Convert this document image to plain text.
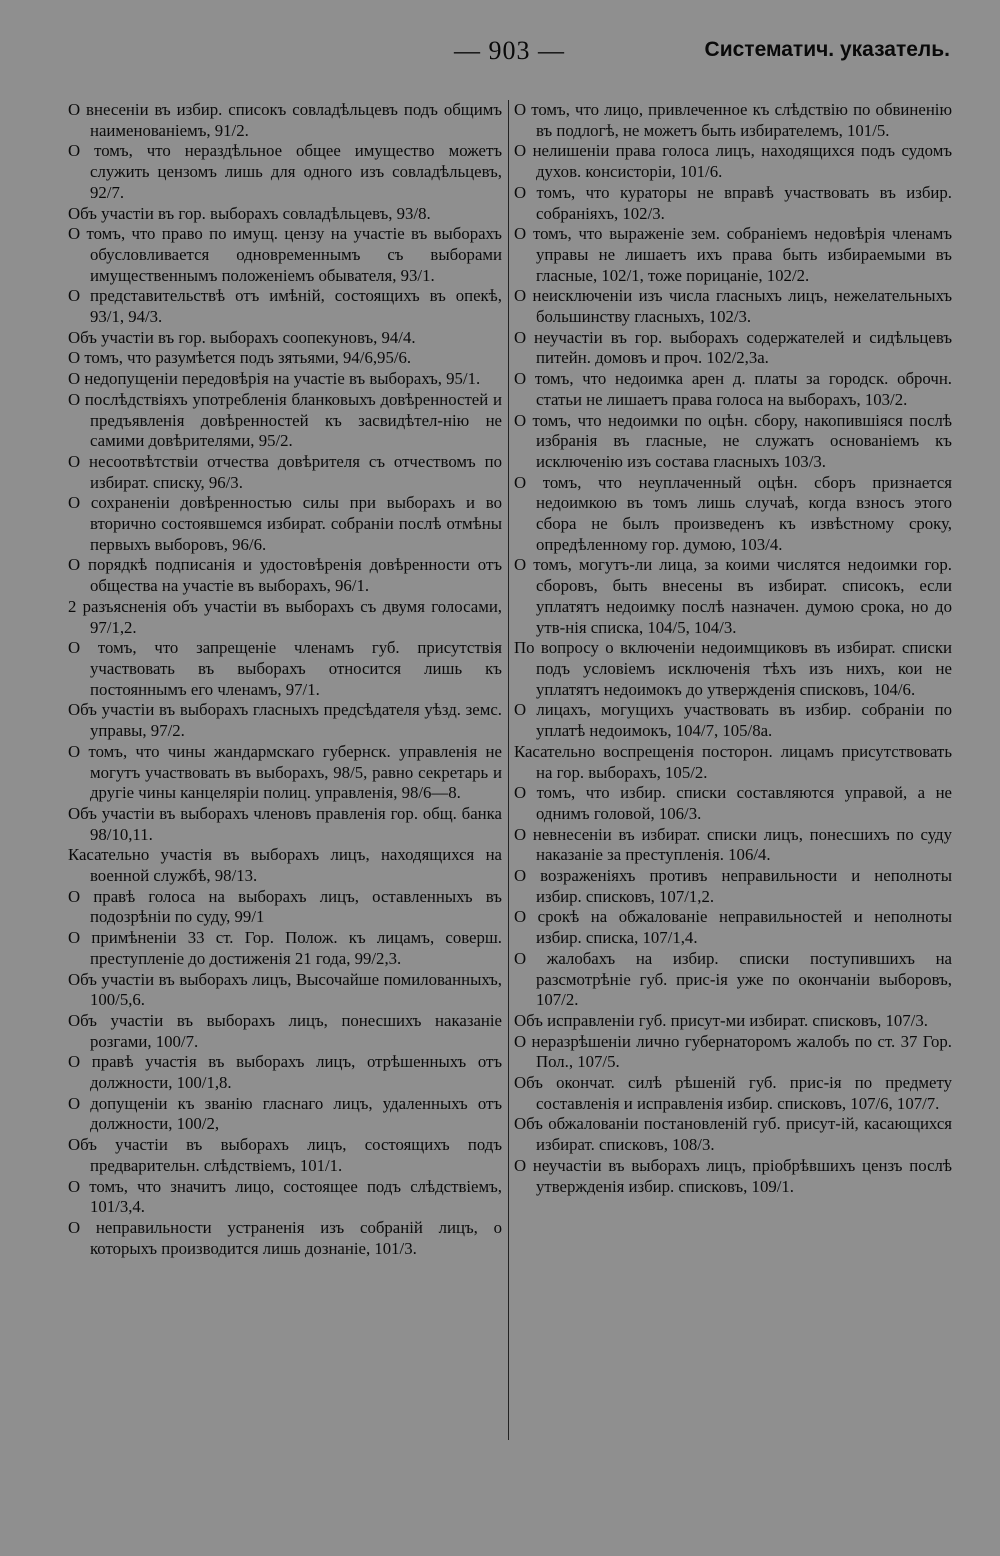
— 903 —	Систематич. указатель.

О внесеніи въ избир. списокъ совладѣльцевъ подъ общимъ наименованіемъ, 91/2.

О томъ, что нераздѣльное общее имущество можетъ служить цензомъ лишь для одного изъ совладѣльцевъ, 92/7.

Объ участіи въ гор. выборахъ совладѣльцевъ, 93/8.

О томъ, что право по имущ. цензу на участіе въ выборахъ обусловливается одновременнымъ съ выборами имущественнымъ положеніемъ обывателя, 93/1.

О представительствѣ отъ имѣній, состоящихъ въ опекѣ, 93/1, 94/3.

Объ участіи въ гор. выборахъ соопекуновъ, 94/4.

О томъ, что разумѣется подъ зятьями, 94/6,95/6.

О недопущеніи передовѣрія на участіе въ выборахъ, 95/1.

О послѣдствіяхъ употребленія бланковыхъ довѣренностей и предъявленія довѣренностей къ засвидѣтел-нію не самими довѣрителями, 95/2.

О несоотвѣтствіи отчества довѣрителя съ отчествомъ по избират. списку, 96/3.

О сохраненіи довѣренностью силы при выборахъ и во вторично состоявшемся избират. собраніи послѣ отмѣны первыхъ выборовъ, 96/6.

О порядкѣ подписанія и удостовѣренія довѣренности отъ общества на участіе въ выборахъ, 96/1.

2 разъясненія объ участіи въ выборахъ съ двумя голосами, 97/1,2.

О томъ, что запрещеніе членамъ губ. присутствія участвовать въ выборахъ относится лишь къ постояннымъ его членамъ, 97/1.

Объ участіи въ выборахъ гласныхъ предсѣдателя уѣзд. земс. управы, 97/2.

О томъ, что чины жандармскаго губернск. управленія не могутъ участвовать въ выборахъ, 98/5, равно секретарь и другіе чины канцеляріи полиц. управленія, 98/6—8.

Объ участіи въ выборахъ членовъ правленія гор. общ. банка 98/10,11.

Касательно участія въ выборахъ лицъ, находящихся на военной службѣ, 98/13.

О правѣ голоса на выборахъ лицъ, оставленныхъ въ подозрѣніи по суду, 99/1

О примѣненіи 33 ст. Гор. Полож. къ лицамъ, соверш. преступленіе до достиженія 21 года, 99/2,3.

Объ участіи въ выборахъ лицъ, Высочайше помилованныхъ, 100/5,6.

Объ участіи въ выборахъ лицъ, понесшихъ наказаніе розгами, 100/7.

О правѣ участія въ выборахъ лицъ, отрѣшенныхъ отъ должности, 100/1,8.

О допущеніи къ званію гласнаго лицъ, удаленныхъ отъ должности, 100/2,

Объ участіи въ выборахъ лицъ, состоящихъ подъ предварительн. слѣдствіемъ, 101/1.

О томъ, что значитъ лицо, состоящее подъ слѣдствіемъ, 101/3,4.

О неправильности устраненія изъ собраній лицъ, о которыхъ производится лишь дознаніе, 101/3.

О томъ, что лицо, привлеченное къ слѣдствію по обвиненію въ подлогѣ, не можетъ быть избирателемъ, 101/5.

О нелишеніи права голоса лицъ, находящихся подъ судомъ духов. консисторіи, 101/6.

О томъ, что кураторы не вправѣ участвовать въ избир. собраніяхъ, 102/3.

О томъ, что выраженіе зем. собраніемъ недовѣрія членамъ управы не лишаетъ ихъ права быть избираемыми въ гласные, 102/1, тоже порицаніе, 102/2.

О неисключеніи изъ числа гласныхъ лицъ, нежелательныхъ большинству гласныхъ, 102/3.

О неучастіи въ гор. выборахъ содержателей и сидѣльцевъ питейн. домовъ и проч. 102/2,3а.

О томъ, что недоимка арен д. платы за городск. оброчн. статьи не лишаетъ права голоса на выборахъ, 103/2.

О томъ, что недоимки по оцѣн. сбору, накопившіяся послѣ избранія въ гласные, не служатъ основаніемъ къ исключенію изъ состава гласныхъ 103/3.

О томъ, что неуплаченный оцѣн. сборъ признается недоимкою въ томъ лишь случаѣ, когда взносъ этого сбора не былъ произведенъ къ извѣстному сроку, опредѣленному гор. думою, 103/4.

О томъ, могутъ-ли лица, за коими числятся недоимки гор. сборовъ, быть внесены въ избират. списокъ, если уплатятъ недоимку послѣ назначен. думою срока, но до утв-нія списка, 104/5, 104/3.

По вопросу о включеніи недоимщиковъ въ избират. списки подъ условіемъ исключенія тѣхъ изъ нихъ, кои не уплатятъ недоимокъ до утвержденія списковъ, 104/6.

О лицахъ, могущихъ участвовать въ избир. собраніи по уплатѣ недоимокъ, 104/7, 105/8а.

Касательно воспрещенія посторон. лицамъ присутствовать на гор. выборахъ, 105/2.

О томъ, что избир. списки составляются управой, а не однимъ головой, 106/3.

О невнесеніи въ избират. списки лицъ, понесшихъ по суду наказаніе за преступленія. 106/4.

О возраженіяхъ противъ неправильности и неполноты избир. списковъ, 107/1,2.

О срокѣ на обжалованіе неправильностей и неполноты избир. списка, 107/1,4.

О жалобахъ на избир. списки поступившихъ на разсмотрѣніе губ. прис-ія уже по окончаніи выборовъ, 107/2.

Объ исправленіи губ. присут-ми избират. списковъ, 107/3.

О неразрѣшеніи лично губернаторомъ жалобъ по ст. 37 Гор. Пол., 107/5.

Объ окончат. силѣ рѣшеній губ. прис-ія по предмету составленія и исправленія избир. списковъ, 107/6, 107/7.

Объ обжалованіи постановленій губ. присут-ій, касающихся избират. списковъ, 108/3.

О неучастіи въ выборахъ лицъ, пріобрѣвшихъ цензъ послѣ утвержденія избир. списковъ, 109/1.
